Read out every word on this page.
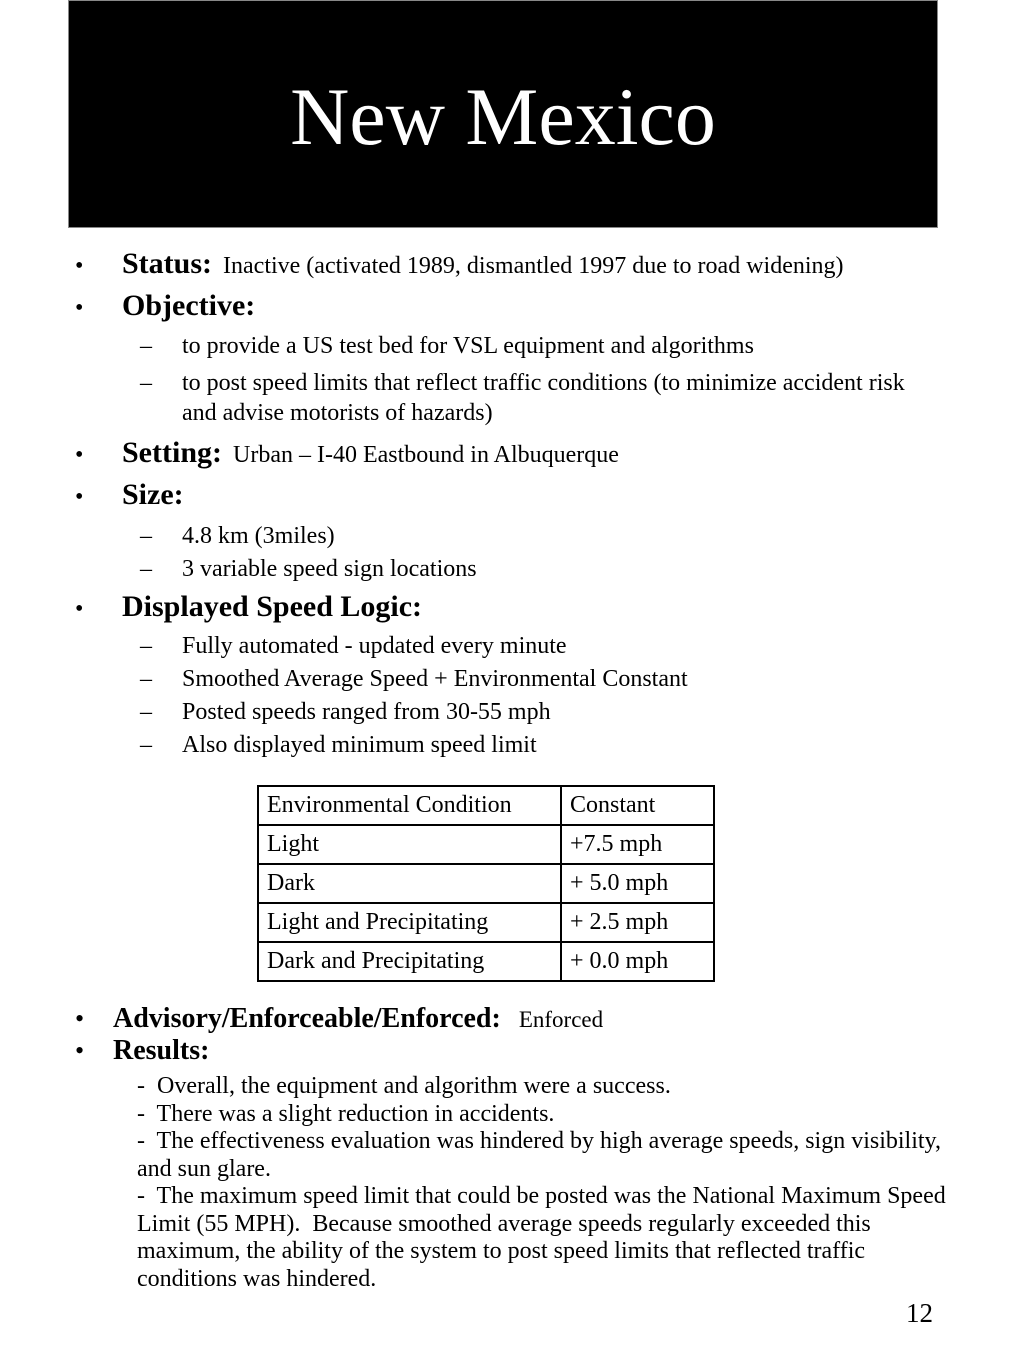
New Mexico
•	Status: Inactive (activated 1989, dismantled 1997 due to road widening)
•	Objective:
–	to provide a US test bed for VSL equipment and algorithms
–	to post speed limits that reflect traffic conditions (to minimize accident risk and advise motorists of hazards)
•	Setting: Urban – I-40 Eastbound in Albuquerque
•	Size:
–	4.8 km (3miles)
–	3 variable speed sign locations
•	Displayed Speed Logic:
–	Fully automated - updated every minute
–	Smoothed Average Speed + Environmental Constant
–	Posted speeds ranged from 30-55 mph
–	Also displayed minimum speed limit
Environmental Condition	Constant
Light	+7.5 mph
Dark	+ 5.0 mph
Light and Precipitating	+ 2.5 mph
Dark and Precipitating	+ 0.0 mph
•	Advisory/Enforceable/Enforced: Enforced
•	Results:
-  Overall, the equipment and algorithm were a success.
-  There was a slight reduction in accidents.
-  The effectiveness evaluation was hindered by high average speeds, sign visibility, and sun glare.
-  The maximum speed limit that could be posted was the National Maximum Speed Limit (55 MPH).  Because smoothed average speeds regularly exceeded this maximum, the ability of the system to post speed limits that reflected traffic conditions was hindered.
12
